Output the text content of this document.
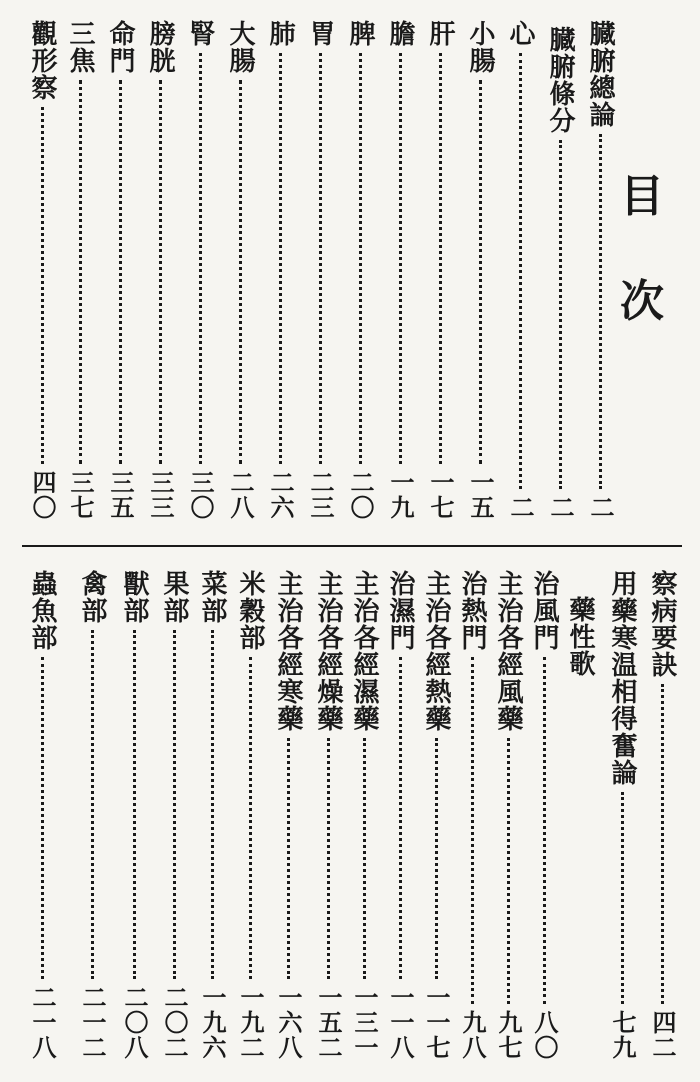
目
次
臓腑總論
二
臓腑條分
二
心
二
小腸
一五
肝
一七
膽
一九
脾
二〇
胃
二三
肺
二六
大腸
二八
腎
三〇
膀胱
三三
命門
三五
三焦
三七
觀形察
四〇
察病要訣
四二
用藥寒温相得奮論
七九
藥性歌
治風門
八〇
主治各經風藥
九七
治熱門
九八
主治各經熱藥
一一七
治濕門
一一八
主治各經濕藥
一三一
主治各經燥藥
一五二
主治各經寒藥
一六八
米穀部
一九二
菜部
一九六
果部
二〇二
獸部
二〇八
禽部
二一二
蟲魚部
二一八
